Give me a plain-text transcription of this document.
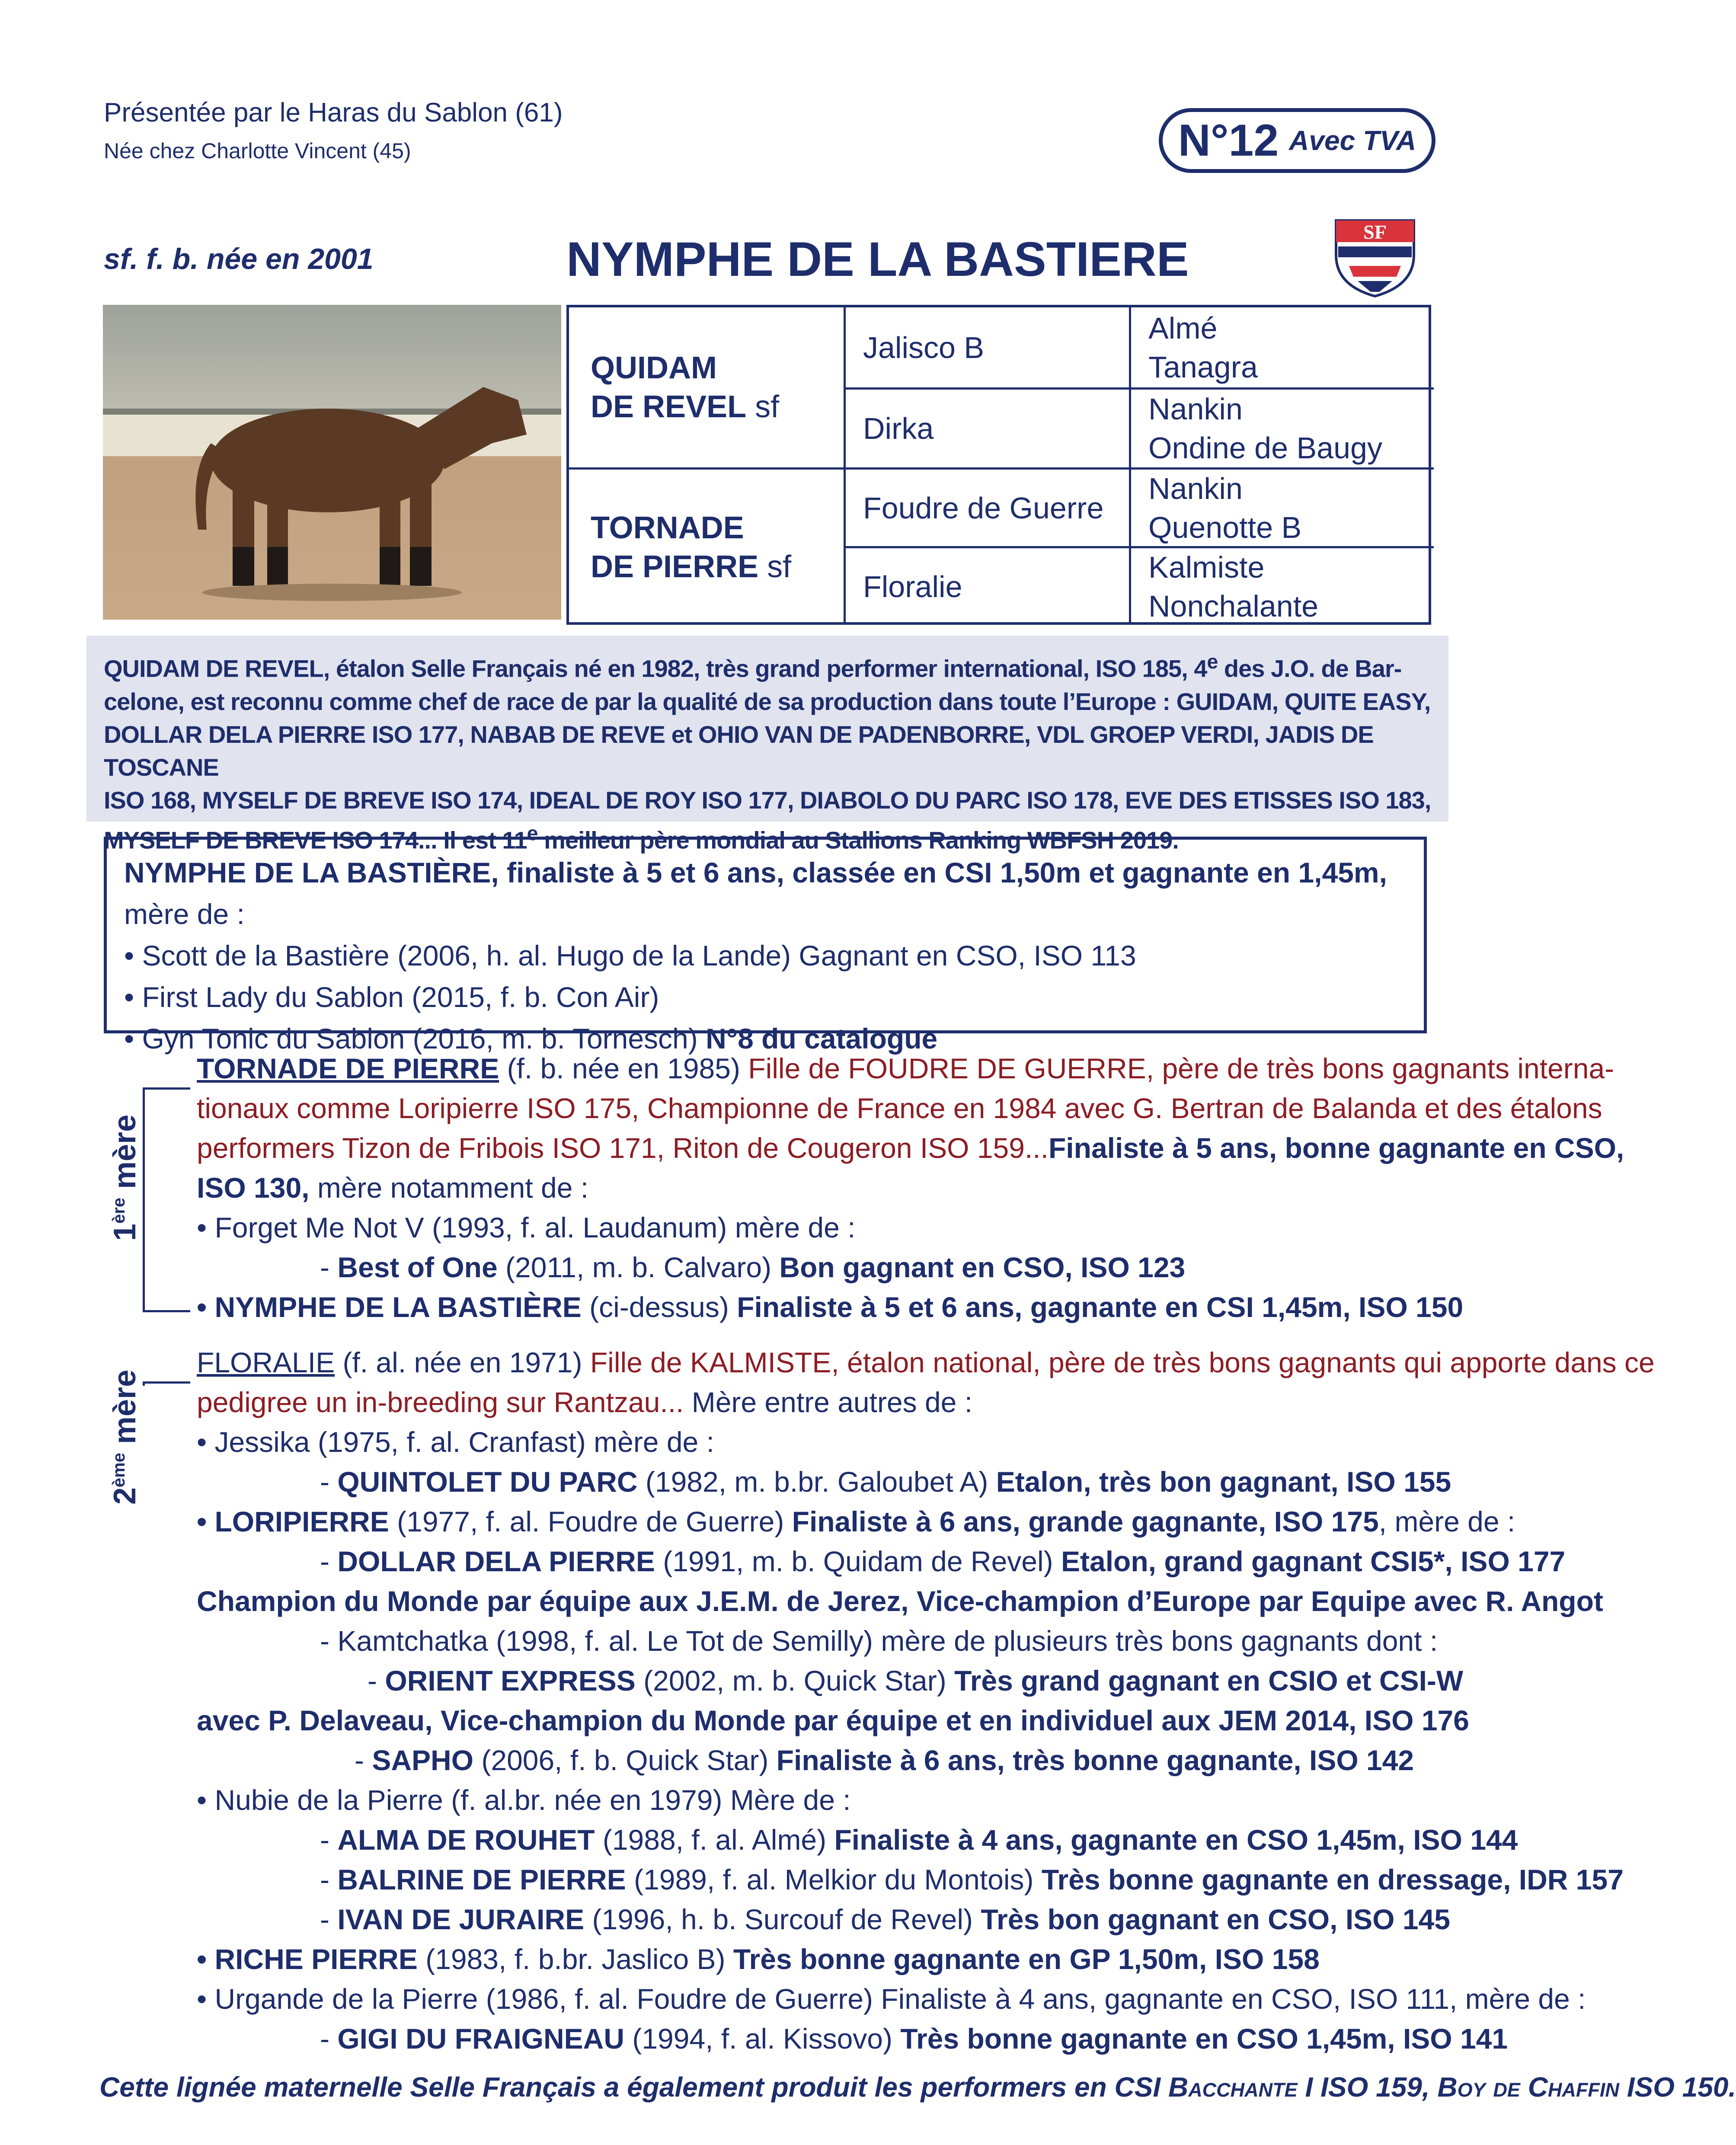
Présentée par le Haras du Sablon (61)
Née chez Charlotte Vincent (45)	N°12 Avec TVA
sf. f. b. née en 2001	NYMPHE DE LA BASTIERE
SF
QUIDAM
DE REVEL sf
TORNADE
DE PIERRE sf
Jalisco B
Dirka
Foudre de Guerre
Floralie
Almé
Tanagra
Nankin
Ondine de Baugy
Nankin
Quenotte B
Kalmiste
Nonchalante

QUIDAM DE REVEL, étalon Selle Français né en 1982, très grand performer international, ISO 185, 4e des J.O. de Bar-

celone, est reconnu comme chef de race de par la qualité de sa production dans toute l’Europe : GUIDAM, QUITE EASY,

DOLLAR DELA PIERRE ISO 177, NABAB DE REVE et OHIO VAN DE PADENBORRE, VDL GROEP VERDI, JADIS DE TOSCANE

ISO 168, MYSELF DE BREVE ISO 174, IDEAL DE ROY ISO 177, DIABOLO DU PARC ISO 178, EVE DES ETISSES ISO 183,

MYSELF DE BREVE ISO 174... Il est 11e meilleur père mondial au Stallions Ranking WBFSH 2019.

NYMPHE DE LA BASTIÈRE, finaliste à 5 et 6 ans, classée en CSI 1,50m et gagnante en 1,45m, mère de :

• Scott de la Bastière (2006, h. al. Hugo de la Lande) Gagnant en CSO, ISO 113

• First Lady du Sablon (2015, f. b. Con Air)

• Gyn Tonic du Sablon (2016, m. b. Tornesch) N°8 du catalogue

1ère mère
TORNADE DE PIERRE (f. b. née en 1985) Fille de FOUDRE DE GUERRE, père de très bons gagnants interna-
tionaux comme Loripierre ISO 175, Championne de France en 1984 avec G. Bertran de Balanda et des étalons
performers Tizon de Fribois ISO 171, Riton de Cougeron ISO 159...Finaliste à 5 ans, bonne gagnante en CSO,
ISO 130, mère notamment de :
• Forget Me Not V (1993, f. al. Laudanum) mère de :
- Best of One (2011, m. b. Calvaro) Bon gagnant en CSO, ISO 123
• NYMPHE DE LA BASTIÈRE (ci-dessus) Finaliste à 5 et 6 ans, gagnante en CSI 1,45m, ISO 150
2ème mère
FLORALIE (f. al. née en 1971) Fille de KALMISTE, étalon national, père de très bons gagnants qui apporte dans ce
pedigree un in-breeding sur Rantzau... Mère entre autres de :
• Jessika (1975, f. al. Cranfast) mère de :
- QUINTOLET DU PARC (1982, m. b.br. Galoubet A) Etalon, très bon gagnant, ISO 155
• LORIPIERRE (1977, f. al. Foudre de Guerre) Finaliste à 6 ans, grande gagnante, ISO 175, mère de :
- DOLLAR DELA PIERRE (1991, m. b. Quidam de Revel) Etalon, grand gagnant CSI5*, ISO 177
Champion du Monde par équipe aux J.E.M. de Jerez, Vice-champion d’Europe par Equipe avec R. Angot
- Kamtchatka (1998, f. al. Le Tot de Semilly) mère de plusieurs très bons gagnants dont :
- ORIENT EXPRESS (2002, m. b. Quick Star) Très grand gagnant en CSIO et CSI-W
avec P. Delaveau, Vice-champion du Monde par équipe et en individuel aux JEM 2014, ISO 176
- SAPHO (2006, f. b. Quick Star) Finaliste à 6 ans, très bonne gagnante, ISO 142
• Nubie de la Pierre (f. al.br. née en 1979) Mère de :
- ALMA DE ROUHET (1988, f. al. Almé) Finaliste à 4 ans, gagnante en CSO 1,45m, ISO 144
- BALRINE DE PIERRE (1989, f. al. Melkior du Montois) Très bonne gagnante en dressage, IDR 157
- IVAN DE JURAIRE (1996, h. b. Surcouf de Revel) Très bon gagnant en CSO, ISO 145
• RICHE PIERRE (1983, f. b.br. Jaslico B) Très bonne gagnante en GP 1,50m, ISO 158
• Urgande de la Pierre (1986, f. al. Foudre de Guerre) Finaliste à 4 ans, gagnante en CSO, ISO 111, mère de :
- GIGI DU FRAIGNEAU (1994, f. al. Kissovo) Très bonne gagnante en CSO 1,45m, ISO 141
Cette lignée maternelle Selle Français a également produit les performers en CSI Bacchante I ISO 159, Boy de Chaffin ISO 150.
